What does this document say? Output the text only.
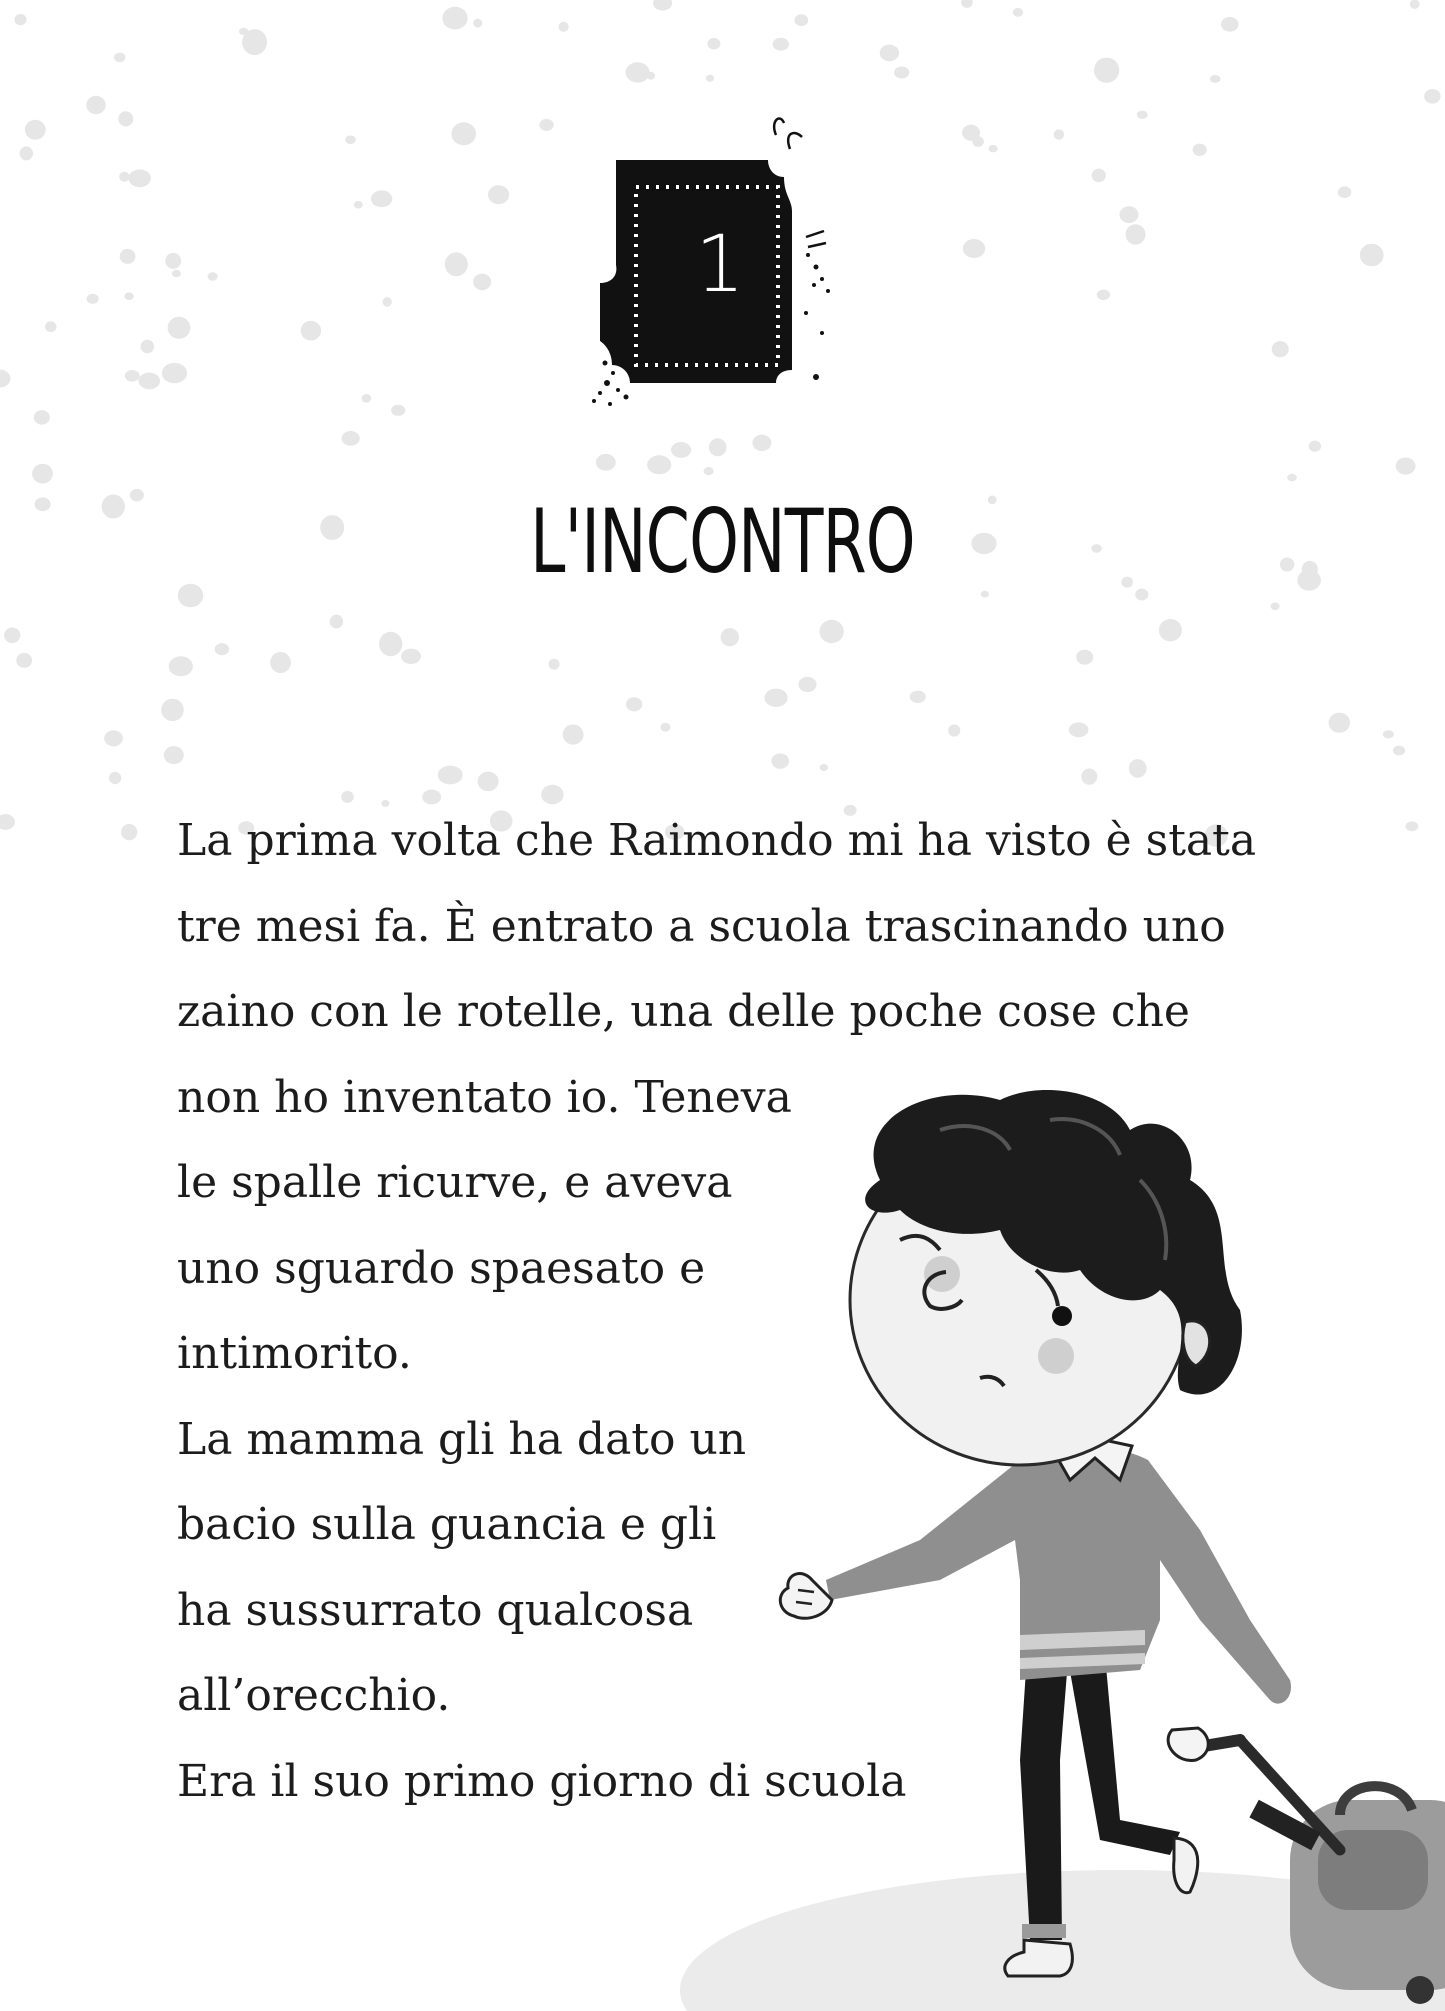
1
L'INCONTRO
La prima volta che Raimondo mi ha visto è stata
tre mesi fa. È entrato a scuola trascinando uno
zaino con le rotelle, una delle poche cose che
non ho inventato io. Teneva
le spalle ricurve, e aveva
uno sguardo spaesato e
intimorito.
La mamma gli ha dato un
bacio sulla guancia e gli
ha sussurrato qualcosa
all’orecchio.
Era il suo primo giorno di scuola
